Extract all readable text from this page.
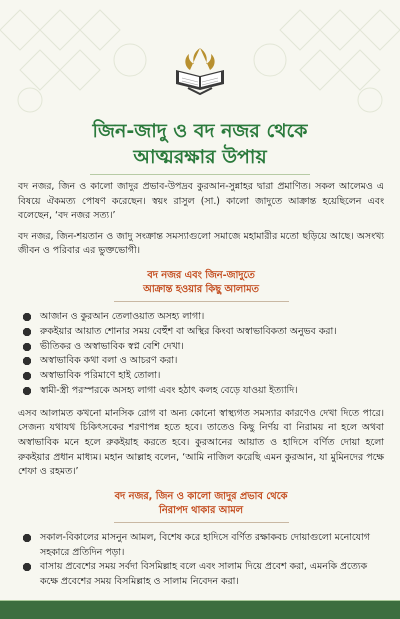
জিন-জাদু ও বদ নজর থেকে
আত্মরক্ষার উপায়

বদ নজর, জিন ও কালো জাদুর প্রভাব-উপদ্রব কুরআন-সুন্নাহর দ্বারা প্রমাণিত। সকল আলেমও এ বিষয়ে ঐকমত্য পোষণ করেছেন। স্বয়ং রাসুল (সা.) কালো জাদুতে আক্রান্ত হয়েছিলেন এবং বলেছেন, ‘বদ নজর সত্য।’

বদ নজর, জিন-শয়তান ও জাদু সংক্রান্ত সমস্যাগুলো সমাজে মহামারীর মতো ছড়িয়ে আছে। অসংখ্য জীবন ও পরিবার এর ভুক্তভোগী।

বদ নজর এবং জিন-জাদুতে
আক্রান্ত হওয়ার কিছু আলামত
আজান ও কুরআন তেলাওয়াত অসহ্য লাগা।
রুকইয়ার আয়াত শোনার সময় বেহুঁশ বা অস্থির কিংবা অস্বাভাবিকতা অনুভব করা।
ভীতিকর ও অস্বাভাবিক স্বপ্ন বেশি দেখা।
অস্বাভাবিক কথা বলা ও আচরণ করা।
অস্বাভাবিক পরিমাণে হাই তোলা।
স্বামী-স্ত্রী পরস্পরকে অসহ্য লাগা এবং হঠাৎ কলহ বেড়ে যাওয়া ইত্যাদি।

এসব আলামত কখনো মানসিক রোগ বা অন্য কোনো স্বাস্থ্যগত সমস্যার কারণেও দেখা দিতে পারে। সেজন্য যথাযথ চিকিৎসকের শরণাপন্ন হতে হবে। তাতেও কিছু নির্ণয় বা নিরাময় না হলে অথবা অস্বাভাবিক মনে হলে রুকইয়াহ করতে হবে। কুরআনের আয়াত ও হাদিসে বর্ণিত দোয়া হলো রুকইয়ার প্রধান মাধ্যম। মহান আল্লাহ বলেন, ‘আমি নাজিল করেছি এমন কুরআন, যা মুমিনদের পক্ষে শেফা ও রহমত।’

বদ নজর, জিন ও কালো জাদুর প্রভাব থেকে
নিরাপদ থাকার আমল
সকাল-বিকালের মাসনুন আমল, বিশেষ করে হাদিসে বর্ণিত রক্ষাকবচ দোয়াগুলো মনোযোগ সহকারে প্রতিদিন পড়া।
বাসায় প্রবেশের সময় সর্বদা বিসমিল্লাহ বলে এবং সালাম দিয়ে প্রবেশ করা, এমনকি প্রত্যেক কক্ষে প্রবেশের সময় বিসমিল্লাহ ও সালাম নিবেদন করা।
